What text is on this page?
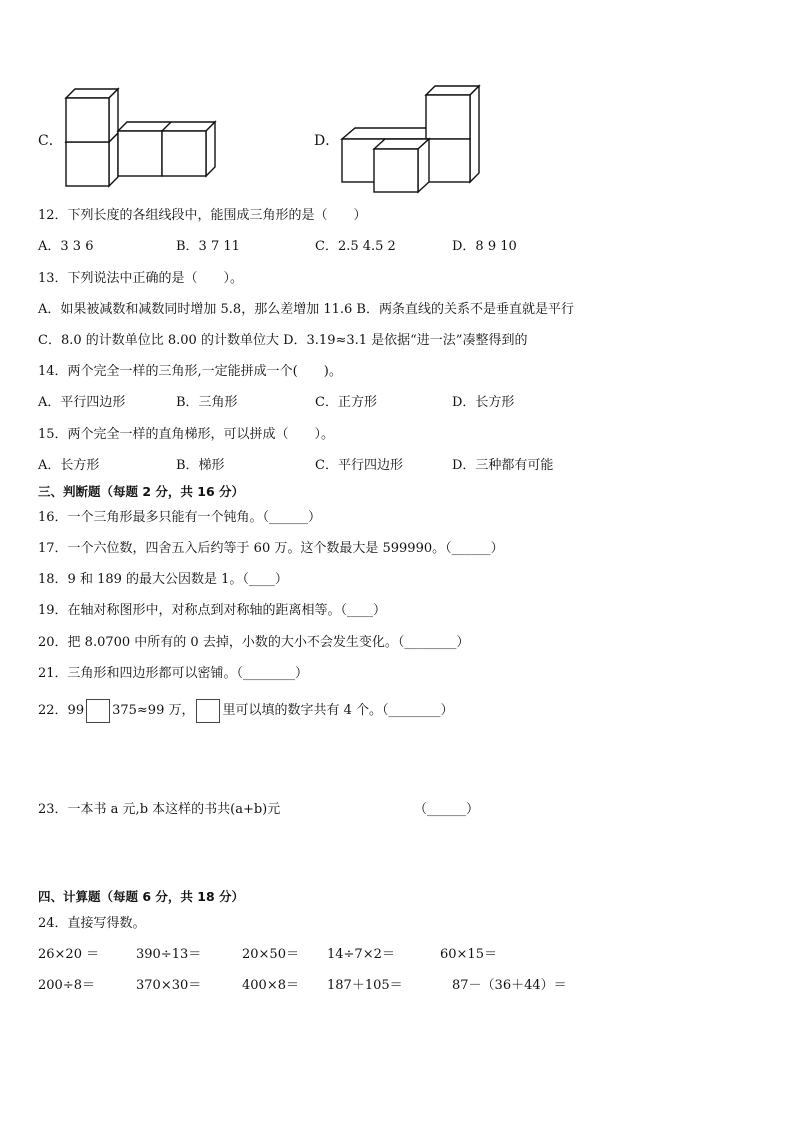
C．	D．
12．下列长度的各组线段中，能围成三角形的是（　　）
A．3 3 6	B．3 7 11	C．2.5 4.5 2	D．8 9 10
13．下列说法中正确的是（　　）。
A．如果被减数和减数同时增加 5.8，那么差增加 11.6 B．两条直线的关系不是垂直就是平行
C．8.0 的计数单位比 8.00 的计数单位大 D．3.19≈3.1 是依据“进一法”凑整得到的
14．两个完全一样的三角形,一定能拼成一个(　　)。
A．平行四边形	B．三角形	C．正方形	D．长方形
15．两个完全一样的直角梯形，可以拼成（　　）。
A．长方形	B．梯形	C．平行四边形	D．三种都有可能
三、判断题（每题 2 分，共 16 分）
16．一个三角形最多只能有一个钝角。（______）
17．一个六位数，四舍五入后约等于 60 万。这个数最大是 599990。（______）
18．9 和 189 的最大公因数是 1。（____）
19．在轴对称图形中，对称点到对称轴的距离相等。（____）
20．把 8.0700 中所有的 0 去掉，小数的大小不会发生变化。（________）
21．三角形和四边形都可以密铺。（________）
22．99 375≈99 万， 里可以填的数字共有 4 个。（________）
23．一本书 a 元,b 本这样的书共(a+b)元	（______）
四、计算题（每题 6 分，共 18 分）
24．直接写得数。
26×20 ＝	390÷13＝	20×50＝ 14÷7×2＝	60×15＝
200÷8＝	370×30＝	400×8＝ 187＋105＝	87－（36＋44）＝
